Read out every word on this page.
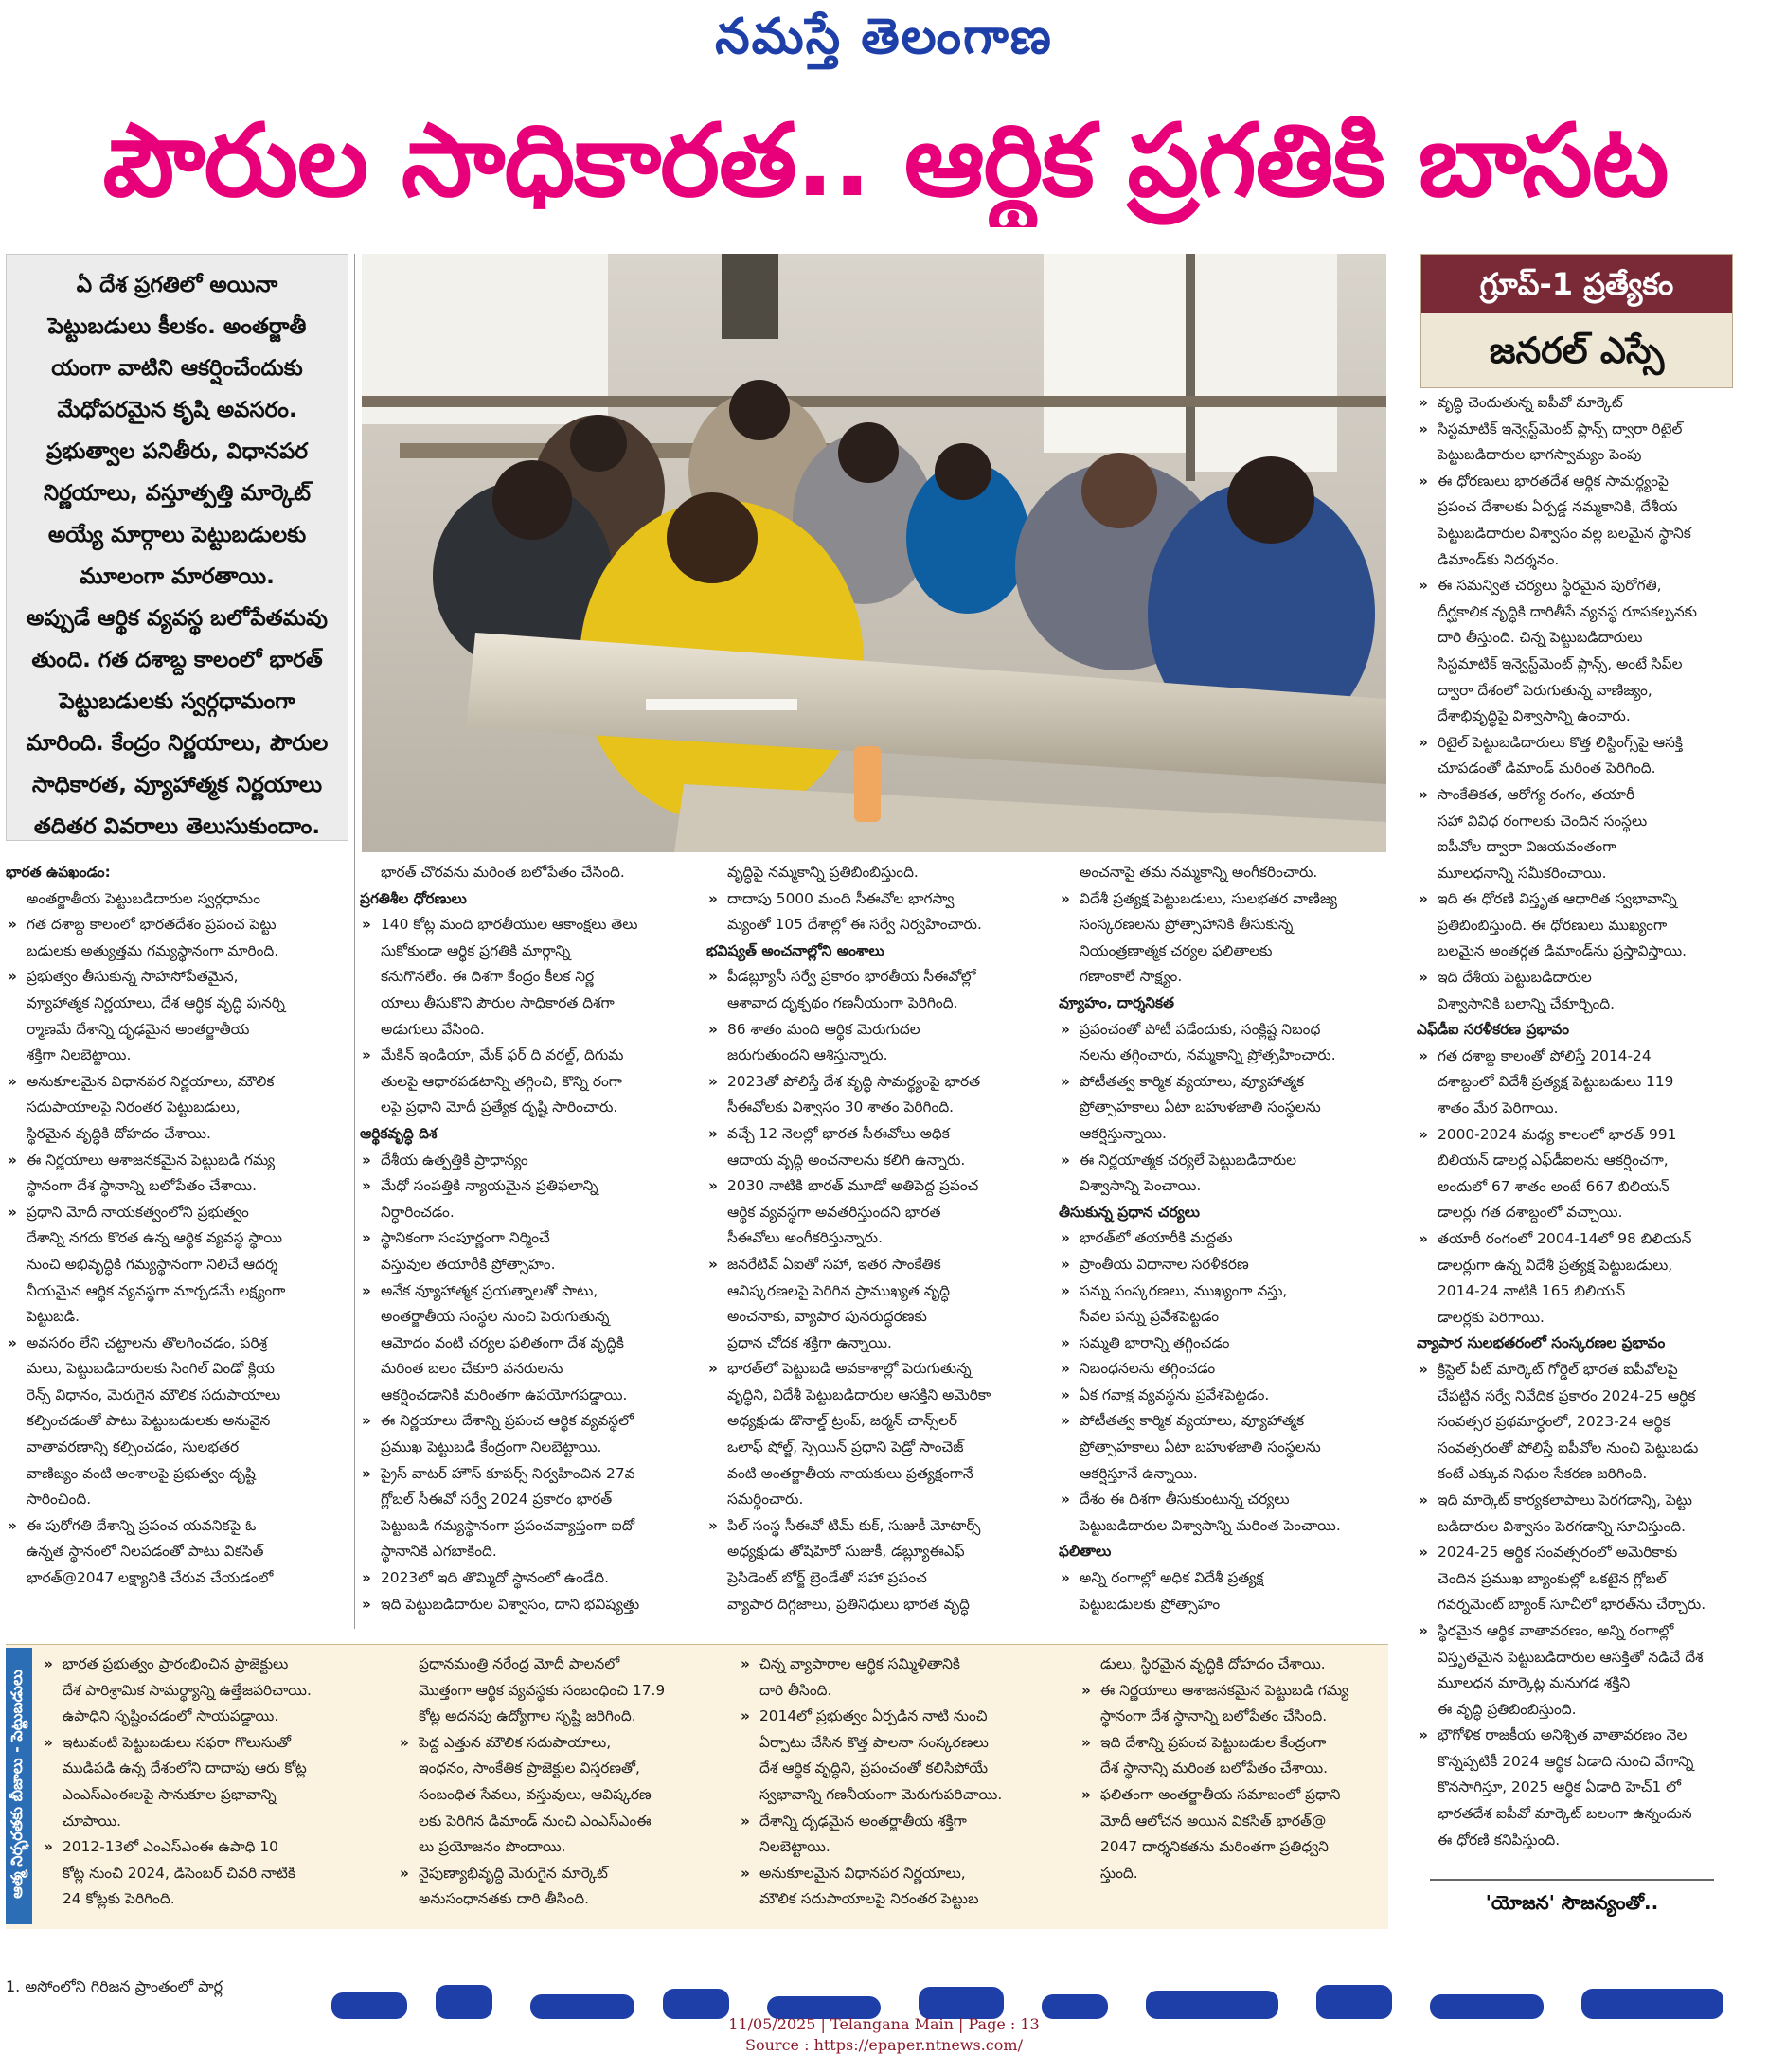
నమస్తే తెలంగాణ
పౌరుల సాధికారత.. ఆర్థిక ప్రగతికి బాసట
ఏ దేశ ప్రగతిలో అయినా
పెట్టుబడులు కీలకం. అంతర్జాతీ
యంగా వాటిని ఆకర్షించేందుకు
మేధోపరమైన కృషి అవసరం.
ప్రభుత్వాల పనితీరు, విధానపర
నిర్ణయాలు, వస్తూత్పత్తి మార్కెట్
అయ్యే మార్గాలు పెట్టుబడులకు
మూలంగా మారతాయి.
అప్పుడే ఆర్థిక వ్యవస్థ బలోపేతమవు
తుంది. గత దశాబ్ద కాలంలో భారత్
పెట్టుబడులకు స్వర్గధామంగా
మారింది. కేంద్రం నిర్ణయాలు, పౌరుల
సాధికారత, వ్యూహాత్మక నిర్ణయాలు
తదితర వివరాలు తెలుసుకుందాం.
గ్రూప్‌-1 ప్రత్యేకం
జనరల్‌ ఎస్సే
భారత ఉపఖండం:
అంతర్జాతీయ పెట్టుబడిదారుల స్వర్గధామం
» గత దశాబ్ద కాలంలో భారతదేశం ప్రపంచ పెట్టు
బడులకు అత్యుత్తమ గమ్యస్థానంగా మారింది.
» ప్రభుత్వం తీసుకున్న సాహసోపేతమైన,
వ్యూహాత్మక నిర్ణయాలు, దేశ ఆర్థిక వృద్ధి పునర్ని
ర్మాణమే దేశాన్ని దృఢమైన అంతర్జాతీయ
శక్తిగా నిలబెట్టాయి.
» అనుకూలమైన విధానపర నిర్ణయాలు, మౌలిక
సదుపాయాలపై నిరంతర పెట్టుబడులు,
స్థిరమైన వృద్ధికి దోహదం చేశాయి.
» ఈ నిర్ణయాలు ఆశాజనకమైన పెట్టుబడి గమ్య
స్థానంగా దేశ స్థానాన్ని బలోపేతం చేశాయి.
» ప్రధాని మోదీ నాయకత్వంలోని ప్రభుత్వం
దేశాన్ని నగదు కొరత ఉన్న ఆర్థిక వ్యవస్థ స్థాయి
నుంచి అభివృద్ధికి గమ్యస్థానంగా నిలిచే ఆదర్శ
నీయమైన ఆర్థిక వ్యవస్థగా మార్చడమే లక్ష్యంగా
పెట్టుబడి.
» అవసరం లేని చట్టాలను తొలగించడం, పరిశ్ర
మలు, పెట్టుబడిదారులకు సింగిల్‌ విండో క్లియ
రెన్స్‌ విధానం, మెరుగైన మౌలిక సదుపాయాలు
కల్పించడంతో పాటు పెట్టుబడులకు అనువైన
వాతావరణాన్ని కల్పించడం, సులభతర
వాణిజ్యం వంటి అంశాలపై ప్రభుత్వం దృష్టి
సారించింది.
» ఈ పురోగతి దేశాన్ని ప్రపంచ యవనికపై ఓ
ఉన్నత స్థానంలో నిలపడంతో పాటు వికసిత్‌
భారత్‌@2047 లక్ష్యానికి చేరువ చేయడంలో
భారత్‌ చొరవను మరింత బలోపేతం చేసింది.
ప్రగతిశీల ధోరణులు
» 140 కోట్ల మంది భారతీయుల ఆకాంక్షలు తెలు
సుకోకుండా ఆర్థిక ప్రగతికి మార్గాన్ని
కనుగొనలేం. ఈ దిశగా కేంద్రం కీలక నిర్ణ
యాలు తీసుకొని పౌరుల సాధికారత దిశగా
అడుగులు వేసింది.
» మేకిన్‌ ఇండియా, మేక్‌ ఫర్‌ ది వరల్డ్‌, దిగుమ
తులపై ఆధారపడటాన్ని తగ్గించి, కొన్ని రంగా
లపై ప్రధాని మోదీ ప్రత్యేక దృష్టి సారించారు.
ఆర్థికవృద్ధి దిశ
» దేశీయ ఉత్పత్తికి ప్రాధాన్యం
» మేధో సంపత్తికి న్యాయమైన ప్రతిఫలాన్ని
నిర్ధారించడం.
» స్థానికంగా సంపూర్ణంగా నిర్మించే
వస్తువుల తయారీకి ప్రోత్సాహం.
» అనేక వ్యూహాత్మక ప్రయత్నాలతో పాటు,
అంతర్జాతీయ సంస్థల నుంచి పెరుగుతున్న
ఆమోదం వంటి చర్యల ఫలితంగా దేశ వృద్ధికి
మరింత బలం చేకూరి వనరులను
ఆకర్షించడానికి మరింతగా ఉపయోగపడ్డాయి.
» ఈ నిర్ణయాలు దేశాన్ని ప్రపంచ ఆర్థిక వ్యవస్థలో
ప్రముఖ పెట్టుబడి కేంద్రంగా నిలబెట్టాయి.
» ప్రైస్‌ వాటర్‌ హౌస్‌ కూపర్స్‌ నిర్వహించిన 27వ
గ్లోబల్‌ సీఈవో సర్వే 2024 ప్రకారం భారత్‌
పెట్టుబడి గమ్యస్థానంగా ప్రపంచవ్యాప్తంగా ఐదో
స్థానానికి ఎగబాకింది.
» 2023లో ఇది తొమ్మిదో స్థానంలో ఉండేది.
» ఇది పెట్టుబడిదారుల విశ్వాసం, దాని భవిష్యత్తు
వృద్ధిపై నమ్మకాన్ని ప్రతిబింబిస్తుంది.
» దాదాపు 5000 మంది సీఈవోల భాగస్వా
మ్యంతో 105 దేశాల్లో ఈ సర్వే నిర్వహించారు.
భవిష్యత్‌ అంచనాల్లోని అంశాలు
» పీడబ్ల్యూసీ సర్వే ప్రకారం భారతీయ సీఈవోల్లో
ఆశావాద దృక్పథం గణనీయంగా పెరిగింది.
» 86 శాతం మంది ఆర్థిక మెరుగుదల
జరుగుతుందని ఆశిస్తున్నారు.
» 2023తో పోలిస్తే దేశ వృద్ధి సామర్థ్యంపై భారత
సీఈవోలకు విశ్వాసం 30 శాతం పెరిగింది.
» వచ్చే 12 నెలల్లో భారత సీఈవోలు అధిక
ఆదాయ వృద్ధి అంచనాలను కలిగి ఉన్నారు.
» 2030 నాటికి భారత్‌ మూడో అతిపెద్ద ప్రపంచ
ఆర్థిక వ్యవస్థగా అవతరిస్తుందని భారత
సీఈవోలు అంగీకరిస్తున్నారు.
» జనరేటివ్‌ ఏఐతో సహా, ఇతర సాంకేతిక
ఆవిష్కరణలపై పెరిగిన ప్రాముఖ్యత వృద్ధి
అంచనాకు, వ్యాపార పునరుద్ధరణకు
ప్రధాన చోదక శక్తిగా ఉన్నాయి.
» భారత్‌లో పెట్టుబడి అవకాశాల్లో పెరుగుతున్న
వృద్ధిని, విదేశీ పెట్టుబడిదారుల ఆసక్తిని అమెరికా
అధ్యక్షుడు డొనాల్డ్‌ ట్రంప్‌, జర్మన్‌ చాన్స్‌లర్‌
ఒలాఫ్‌ షోల్జ్‌, స్పెయిన్‌ ప్రధాని పెడ్రో సాంచెజ్‌
వంటి అంతర్జాతీయ నాయకులు ప్రత్యక్షంగానే
సమర్థించారు.
» పిల్‌ సంస్థ సీఈవో టిమ్‌ కుక్‌, సుజుకీ మోటార్స్‌
అధ్యక్షుడు తోషిహిరో సుజుకీ, డబ్ల్యూఈఎఫ్‌
ప్రెసిడెంట్‌ బోర్జ్‌ బ్రెండేతో సహా ప్రపంచ
వ్యాపార దిగ్గజాలు, ప్రతినిధులు భారత వృద్ధి
అంచనాపై తమ నమ్మకాన్ని అంగీకరించారు.
» విదేశీ ప్రత్యక్ష పెట్టుబడులు, సులభతర వాణిజ్య
సంస్కరణలను ప్రోత్సాహానికి తీసుకున్న
నియంత్రణాత్మక చర్యల ఫలితాలకు
గణాంకాలే సాక్ష్యం.
వ్యూహం, దార్శనికత
» ప్రపంచంతో పోటీ పడేందుకు, సంక్లిష్ట నిబంధ
నలను తగ్గించారు, నమ్మకాన్ని ప్రోత్సహించారు.
» పోటీతత్వ కార్మిక వ్యయాలు, వ్యూహాత్మక
ప్రోత్సాహకాలు ఏటా బహుళజాతి సంస్థలను
ఆకర్షిస్తున్నాయి.
» ఈ నిర్ణయాత్మక చర్యలే పెట్టుబడిదారుల
విశ్వాసాన్ని పెంచాయి.
తీసుకున్న ప్రధాన చర్యలు
» భారత్‌లో తయారీకి మద్దతు
» ప్రాంతీయ విధానాల సరళీకరణ
» పన్ను సంస్కరణలు, ముఖ్యంగా వస్తు,
సేవల పన్ను ప్రవేశపెట్టడం
» సమ్మతి భారాన్ని తగ్గించడం
» నిబంధనలను తగ్గించడం
» ఏక గవాక్ష వ్యవస్థను ప్రవేశపెట్టడం.
» పోటీతత్వ కార్మిక వ్యయాలు, వ్యూహాత్మక
ప్రోత్సాహకాలు ఏటా బహుళజాతి సంస్థలను
ఆకర్షిస్తూనే ఉన్నాయి.
» దేశం ఈ దిశగా తీసుకుంటున్న చర్యలు
పెట్టుబడిదారుల విశ్వాసాన్ని మరింత పెంచాయి.
ఫలితాలు
» అన్ని రంగాల్లో అధిక విదేశీ ప్రత్యక్ష
పెట్టుబడులకు ప్రోత్సాహం
» వృద్ధి చెందుతున్న ఐపీవో మార్కెట్‌
» సిస్టమాటిక్‌ ఇన్వెస్ట్‌మెంట్‌ ప్లాన్స్‌ ద్వారా రిటైల్‌
పెట్టుబడిదారుల భాగస్వామ్యం పెంపు
» ఈ ధోరణులు భారతదేశ ఆర్థిక సామర్థ్యంపై
ప్రపంచ దేశాలకు ఏర్పడ్డ నమ్మకానికి, దేశీయ
పెట్టుబడిదారుల విశ్వాసం వల్ల బలమైన స్థానిక
డిమాండ్‌కు నిదర్శనం.
» ఈ సమన్విత చర్యలు స్థిరమైన పురోగతి,
దీర్ఘకాలిక వృద్ధికి దారితీసే వ్యవస్థ రూపకల్పనకు
దారి తీస్తుంది. చిన్న పెట్టుబడిదారులు
సిస్టమాటిక్‌ ఇన్వెస్ట్‌మెంట్‌ ప్లాన్స్‌, అంటే సిప్‌ల
ద్వారా దేశంలో పెరుగుతున్న వాణిజ్యం,
దేశాభివృద్ధిపై విశ్వాసాన్ని ఉంచారు.
» రిటైల్‌ పెట్టుబడిదారులు కొత్త లిస్టింగ్స్‌పై ఆసక్తి
చూపడంతో డిమాండ్‌ మరింత పెరిగింది.
» సాంకేతికత, ఆరోగ్య రంగం, తయారీ
సహా వివిధ రంగాలకు చెందిన సంస్థలు
ఐపీవోల ద్వారా విజయవంతంగా
మూలధనాన్ని సమీకరించాయి.
» ఇది ఈ ధోరణి విస్తృత ఆధారిత స్వభావాన్ని
ప్రతిబింబిస్తుంది. ఈ ధోరణులు ముఖ్యంగా
బలమైన అంతర్గత డిమాండ్‌ను ప్రస్తావిస్తాయి.
» ఇది దేశీయ పెట్టుబడిదారుల
విశ్వాసానికి బలాన్ని చేకూర్చింది.
ఎఫ్‌డీఐ సరళీకరణ ప్రభావం
» గత దశాబ్ద కాలంతో పోలిస్తే 2014-24
దశాబ్దంలో విదేశీ ప్రత్యక్ష పెట్టుబడులు 119
శాతం మేర పెరిగాయి.
» 2000-2024 మధ్య కాలంలో భారత్‌ 991
బిలియన్‌ డాలర్ల ఎఫ్‌డీఐలను ఆకర్షించగా,
అందులో 67 శాతం అంటే 667 బిలియన్‌
డాలర్లు గత దశాబ్దంలో వచ్చాయి.
» తయారీ రంగంలో 2004-14లో 98 బిలియన్‌
డాలర్లుగా ఉన్న విదేశీ ప్రత్యక్ష పెట్టుబడులు,
2014-24 నాటికి 165 బిలియన్‌
డాలర్లకు పెరిగాయి.
వ్యాపార సులభతరంలో సంస్కరణల ప్రభావం
» క్రిస్టెల్‌ పీట్‌ మార్కెట్‌ గోర్డెల్‌ భారత ఐపీవోలపై
చేపట్టిన సర్వే నివేదిక ప్రకారం 2024-25 ఆర్థిక
సంవత్సర ప్రథమార్ధంలో, 2023-24 ఆర్థిక
సంవత్సరంతో పోలిస్తే ఐపీవోల నుంచి పెట్టుబడు
కంటే ఎక్కువ నిధుల సేకరణ జరిగింది.
» ఇది మార్కెట్‌ కార్యకలాపాలు పెరగడాన్ని, పెట్టు
బడిదారుల విశ్వాసం పెరగడాన్ని సూచిస్తుంది.
» 2024-25 ఆర్థిక సంవత్సరంలో అమెరికాకు
చెందిన ప్రముఖ బ్యాంకుల్లో ఒకటైన గ్లోబల్‌
గవర్నమెంట్‌ బ్యాంక్‌ సూచీలో భారత్‌ను చేర్చారు.
» స్థిరమైన ఆర్థిక వాతావరణం, అన్ని రంగాల్లో
విస్తృతమైన పెట్టుబడిదారుల ఆసక్తితో నడిచే దేశ
మూలధన మార్కెట్ల మనుగడ శక్తిని
ఈ వృద్ధి ప్రతిబింబిస్తుంది.
» భౌగోళిక రాజకీయ అనిశ్చిత వాతావరణం నెల
కొన్నప్పటికీ 2024 ఆర్థిక ఏడాది నుంచి వేగాన్ని
కొనసాగిస్తూ, 2025 ఆర్థిక ఏడాది హెచ్‌1 లో
భారతదేశ ఐపీవో మార్కెట్‌ బలంగా ఉన్నందున
ఈ ధోరణి కనిపిస్తుంది.
ఆత్మ నిర్భరతకు బీజాలు - పెట్టుబడులు
» భారత ప్రభుత్వం ప్రారంభించిన ప్రాజెక్టులు
దేశ పారిశ్రామిక సామర్థ్యాన్ని ఉత్తేజపరిచాయి.
ఉపాధిని సృష్టించడంలో సాయపడ్డాయి.
» ఇటువంటి పెట్టుబడులు సఫరా గొలుసుతో
ముడిపడి ఉన్న దేశంలోని దాదాపు ఆరు కోట్ల
ఎంఎస్‌ఎంఈలపై సానుకూల ప్రభావాన్ని
చూపాయి.
» 2012-13లో ఎంఎస్‌ఎంఈ ఉపాధి 10
కోట్ల నుంచి 2024, డిసెంబర్‌ చివరి నాటికి
24 కోట్లకు పెరిగింది.
ప్రధానమంత్రి నరేంద్ర మోదీ పాలనలో
మొత్తంగా ఆర్థిక వ్యవస్థకు సంబంధించి 17.9
కోట్ల అదనపు ఉద్యోగాల సృష్టి జరిగింది.
» పెద్ద ఎత్తున మౌలిక సదుపాయాలు,
ఇంధనం, సాంకేతిక ప్రాజెక్టుల విస్తరణతో,
సంబంధిత సేవలు, వస్తువులు, ఆవిష్కరణ
లకు పెరిగిన డిమాండ్‌ నుంచి ఎంఎస్‌ఎంఈ
లు ప్రయోజనం పొందాయి.
» నైపుణ్యాభివృద్ధి మెరుగైన మార్కెట్‌
అనుసంధానతకు దారి తీసింది.
» చిన్న వ్యాపారాల ఆర్థిక సమ్మిళితానికి
దారి తీసింది.
» 2014లో ప్రభుత్వం ఏర్పడిన నాటి నుంచి
ఏర్పాటు చేసిన కొత్త పాలనా సంస్కరణలు
దేశ ఆర్థిక వృద్ధిని, ప్రపంచంతో కలిసిపోయే
స్వభావాన్ని గణనీయంగా మెరుగుపరిచాయి.
» దేశాన్ని దృఢమైన అంతర్జాతీయ శక్తిగా
నిలబెట్టాయి.
» అనుకూలమైన విధానపర నిర్ణయాలు,
మౌలిక సదుపాయాలపై నిరంతర పెట్టుబ
డులు, స్థిరమైన వృద్ధికి దోహదం చేశాయి.
» ఈ నిర్ణయాలు ఆశాజనకమైన పెట్టుబడి గమ్య
స్థానంగా దేశ స్థానాన్ని బలోపేతం చేసింది.
» ఇది దేశాన్ని ప్రపంచ పెట్టుబడుల కేంద్రంగా
దేశ స్థానాన్ని మరింత బలోపేతం చేశాయి.
» ఫలితంగా అంతర్జాతీయ సమాజంలో ప్రధాని
మోదీ ఆలోచన అయిన వికసిత్‌ భారత్‌@
2047 దార్శనికతను మరింతగా ప్రతిధ్వని
స్తుంది.
'యోజన' సౌజన్యంతో..
1. అసోంలోని గిరిజన ప్రాంతంలో పార్ల
11/05/2025 | Telangana Main | Page : 13
Source : https://epaper.ntnews.com/
